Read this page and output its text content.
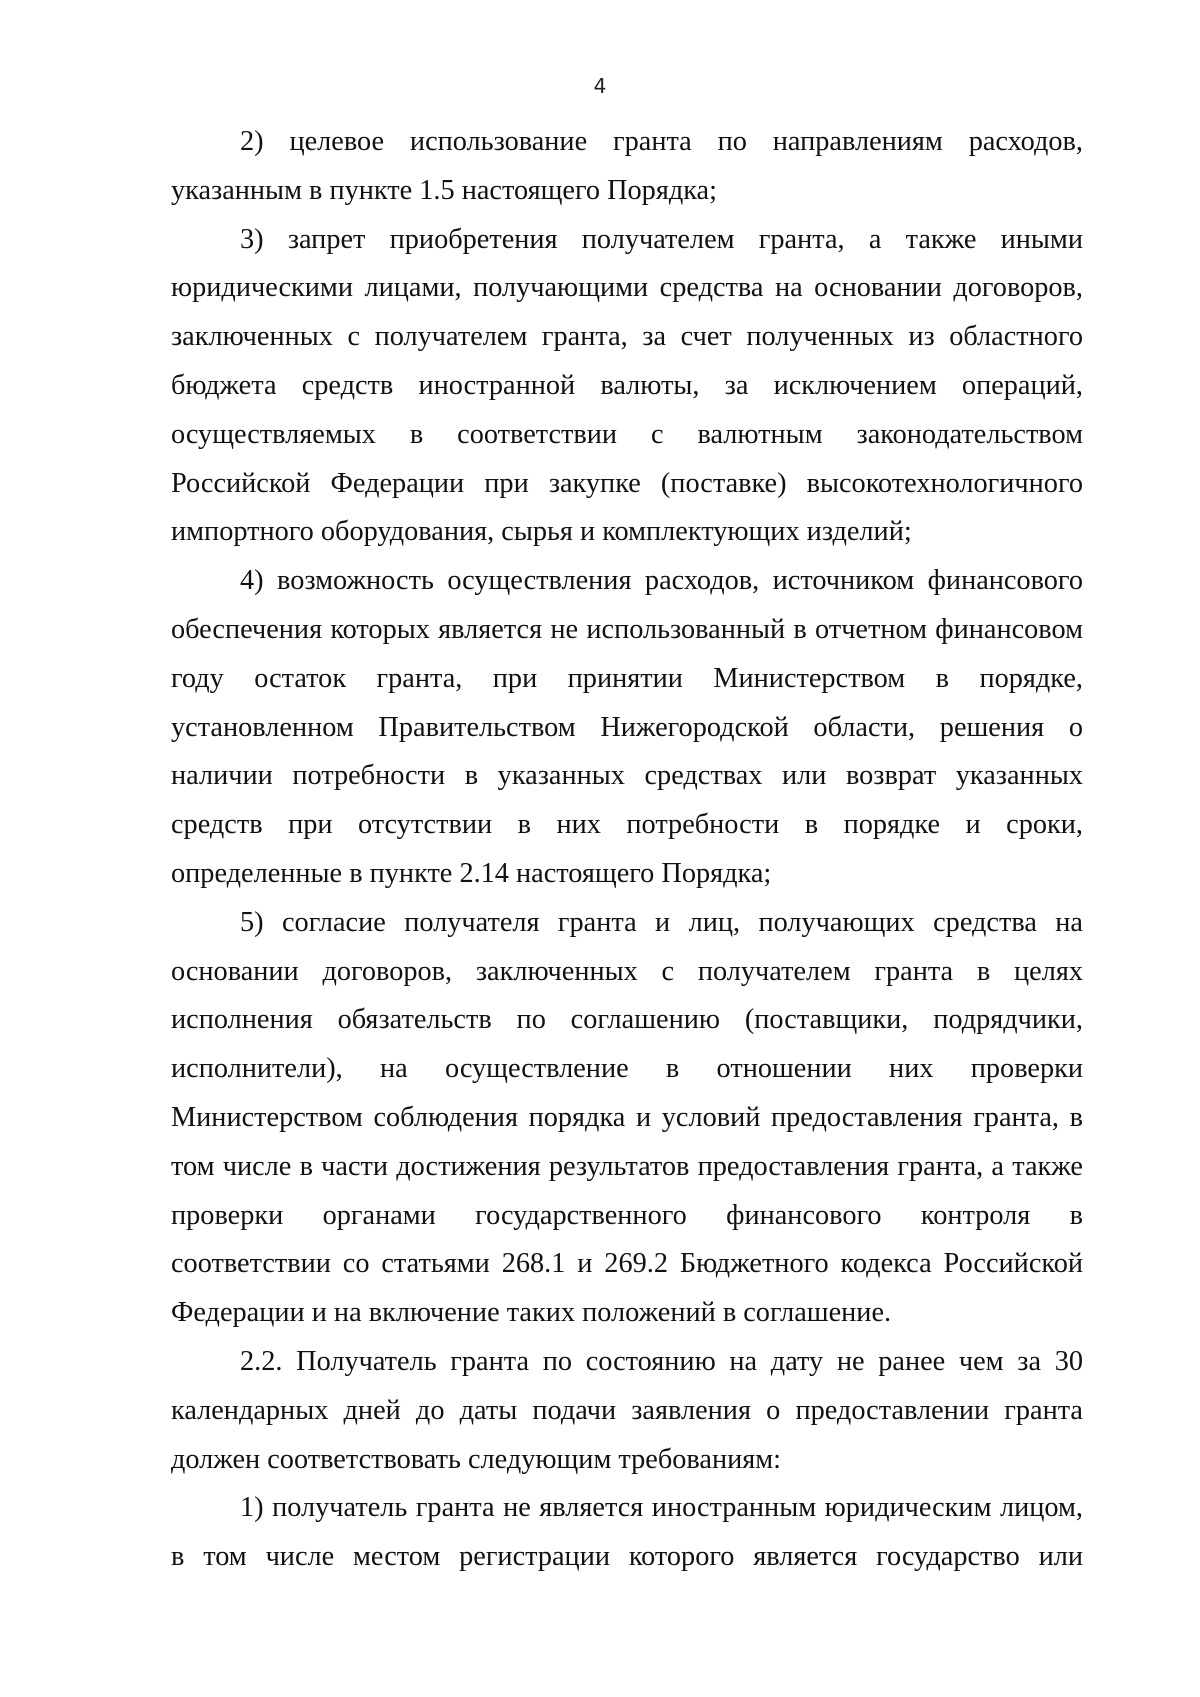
4

2) целевое использование гранта по направлениям расходов, указанным в пункте 1.5 настоящего Порядка;

3) запрет приобретения получателем гранта, а также иными юридическими лицами, получающими средства на основании договоров, заключенных с получателем гранта, за счет полученных из областного бюджета средств иностранной валюты, за исключением операций, осуществляемых в соответствии с валютным законодательством Российской Федерации при закупке (поставке) высокотехнологичного импортного оборудования, сырья и комплектующих изделий;

4) возможность осуществления расходов, источником финансового обеспечения которых является не использованный в отчетном финансовом году остаток гранта, при принятии Министерством в порядке, установленном Правительством Нижегородской области, решения о наличии потребности в указанных средствах или возврат указанных средств при отсутствии в них потребности в порядке и сроки, определенные в пункте 2.14 настоящего Порядка;

5) согласие получателя гранта и лиц, получающих средства на основании договоров, заключенных с получателем гранта в целях исполнения обязательств по соглашению (поставщики, подрядчики, исполнители), на осуществление в отношении них проверки Министерством соблюдения порядка и условий предоставления гранта, в том числе в части достижения результатов предоставления гранта, а также проверки органами государственного финансового контроля в соответствии со статьями 268.1 и 269.2 Бюджетного кодекса Российской Федерации и на включение таких положений в соглашение.

2.2. Получатель гранта по состоянию на дату не ранее чем за 30 календарных дней до даты подачи заявления о предоставлении гранта должен соответствовать следующим требованиям:

1) получатель гранта не является иностранным юридическим лицом, в том числе местом регистрации которого является государство или
